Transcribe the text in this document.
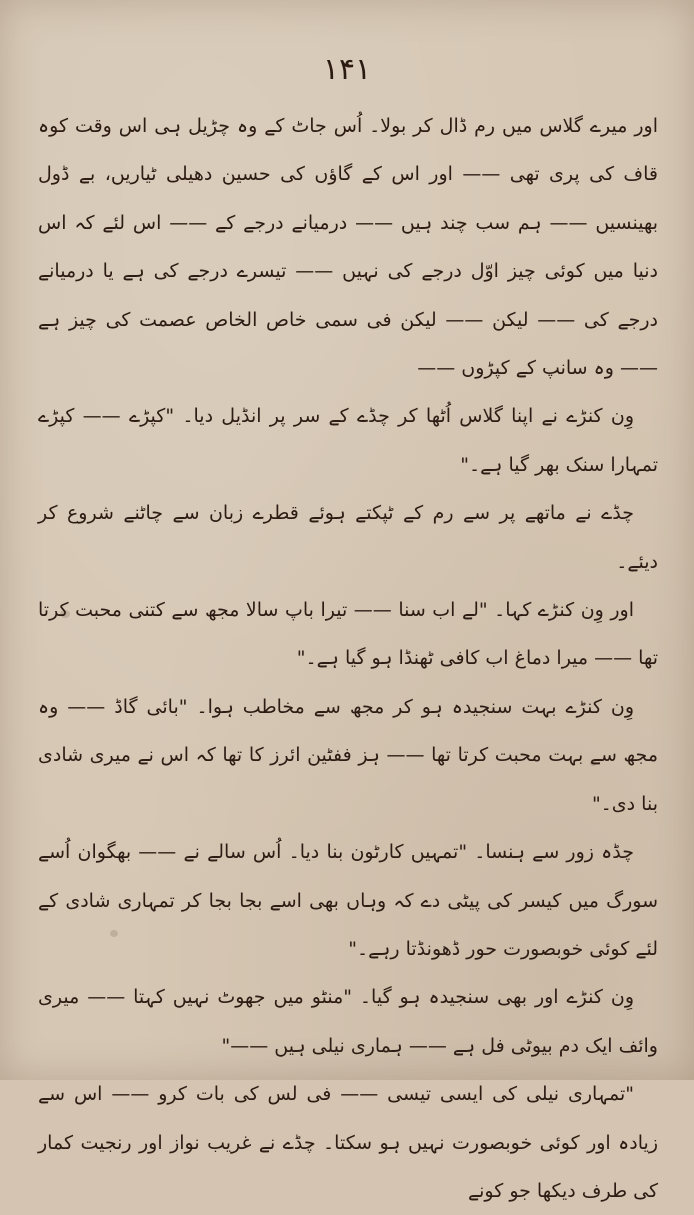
۱۴۱

اور میرے گلاس میں رم ڈال کر بولا۔ اُس جاٹ کے وہ چڑیل ہی اس وقت کوہ قاف کی پری تھی —— اور اس کے گاؤں کی حسین دھیلی ٹیاریں، بے ڈول بھینسیں —— ہم سب چند ہیں —— درمیانے درجے کے —— اس لئے کہ اس دنیا میں کوئی چیز اوّل درجے کی نہیں —— تیسرے درجے کی ہے یا درمیانے درجے کی —— لیکن —— لیکن فی سمی خاص الخاص عصمت کی چیز ہے —— وہ سانپ کے کپڑوں ——

وِن کنڑے نے اپنا گلاس اُٹھا کر چڈے کے سر پر انڈیل دیا۔ "کپڑے —— کپڑے تمہارا سنک بھر گیا ہے۔"

چڈے نے ماتھے پر سے رم کے ٹپکتے ہوئے قطرے زبان سے چاٹنے شروع کر دیئے۔

اور وِن کنڑے کہا۔ "لے اب سنا —— تیرا باپ سالا مجھ سے کتنی محبت کرتا تھا —— میرا دماغ اب کافی ٹھنڈا ہو گیا ہے۔"

وِن کنڑے بہت سنجیدہ ہو کر مجھ سے مخاطب ہوا۔ "بائی گاڈ —— وہ مجھ سے بہت محبت کرتا تھا —— ہز ففٹین ائرز کا تھا کہ اس نے میری شادی بنا دی۔"

چڈہ زور سے ہنسا۔ "تمہیں کارٹون بنا دیا۔ اُس سالے نے —— بھگوان اُسے سورگ میں کیسر کی پیٹی دے کہ وہاں بھی اسے بجا بجا کر تمہاری شادی کے لئے کوئی خوبصورت حور ڈھونڈتا رہے۔"

وِن کنڑے اور بھی سنجیدہ ہو گیا۔ "منٹو میں جھوٹ نہیں کہتا —— میری وائف ایک دم بیوٹی فل ہے —— ہماری نیلی ہیں ——"

"تمہاری نیلی کی ایسی تیسی —— فی لس کی بات کرو —— اس سے زیادہ اور کوئی خوبصورت نہیں ہو سکتا۔ چڈے نے غریب نواز اور رنجیت کمار کی طرف دیکھا جو کونے
